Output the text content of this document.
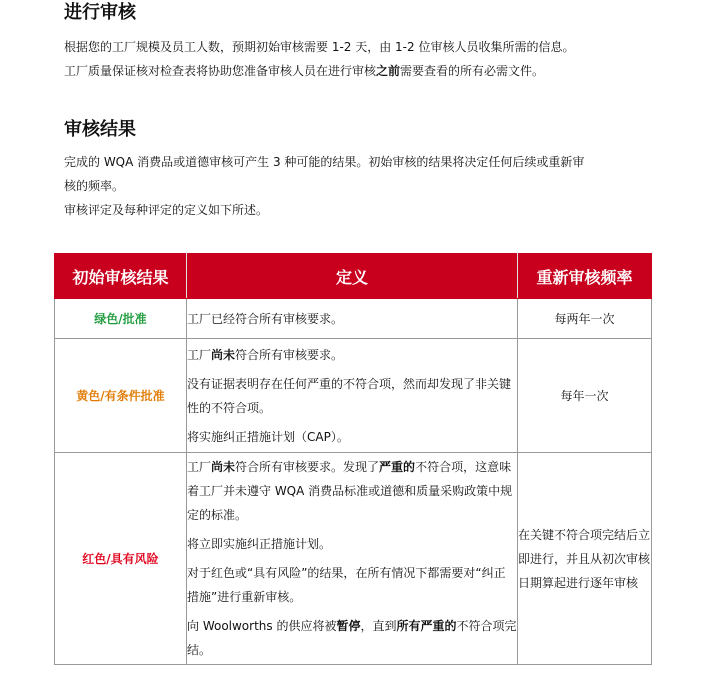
进行审核

根据您的工厂规模及员工人数，预期初始审核需要 1-2 天，由 1-2 位审核人员收集所需的信息。
工厂质量保证核对检查表将协助您准备审核人员在进行审核之前需要查看的所有必需文件。

审核结果

完成的 WQA 消费品或道德审核可产生 3 种可能的结果。初始审核的结果将决定任何后续或重新审
核的频率。
审核评定及每种评定的定义如下所述。

初始审核结果	定义	重新审核频率
绿色/批准	工厂已经符合所有审核要求。	每两年一次
黄色/有条件批准	工厂尚未符合所有审核要求。

没有证据表明存在任何严重的不符合项，然而却发现了非关键性的不符合项。

将实施纠正措施计划（CAP）。	每年一次
红色/具有风险	工厂尚未符合所有审核要求。发现了严重的不符合项，这意味着工厂并未遵守 WQA 消费品标准或道德和质量采购政策中规定的标准。

将立即实施纠正措施计划。

对于红色或“具有风险”的结果，在所有情况下都需要对“纠正措施”进行重新审核。

向 Woolworths 的供应将被暂停，直到所有严重的不符合项完结。	在关键不符合项完结后立即进行，并且从初次审核日期算起进行逐年审核
